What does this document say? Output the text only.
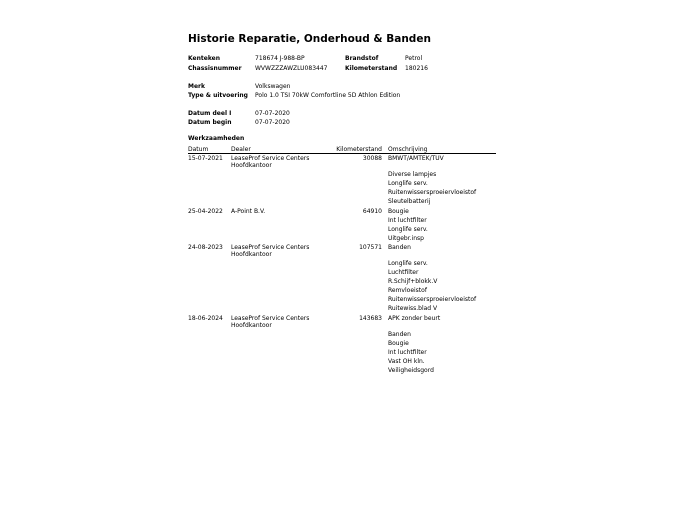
Historie Reparatie, Onderhoud & Banden
Kenteken	718674 J-988-BP	Brandstof	Petrol
Chassisnummer WVWZZZAWZLU083447	Kilometerstand 180216
Merk	Volkswagen
Type & uitvoering Polo 1.0 TSI 70kW Comfortline 5D Athlon Edition
Datum deel I	07-07-2020
Datum begin	07-07-2020
Werkzaamheden
Datum	Dealer	Kilometerstand Omschrijving
15-07-2021 LeaseProf Service Centers
Hoofdkantoor
30088 BMWT/AMTEK/TUV
Diverse lampjes
Longlife serv.
Ruitenwissersproeiervloeistof
Sleutelbatterij
25-04-2022 A-Point B.V.	64910 Bougie
Int luchtfilter
Longlife serv.
Uitgebr.insp
24-08-2023 LeaseProf Service Centers
Hoofdkantoor
107571 Banden
Longlife serv.
Luchtfilter
R.Schijf+blokk.V
Remvloeistof
Ruitenwissersproeiervloeistof
Ruitewiss.blad V
18-06-2024 LeaseProf Service Centers
Hoofdkantoor
143683 APK zonder beurt
Banden
Bougie
Int luchtfilter
Vast OH kln.
Veiligheidsgord
